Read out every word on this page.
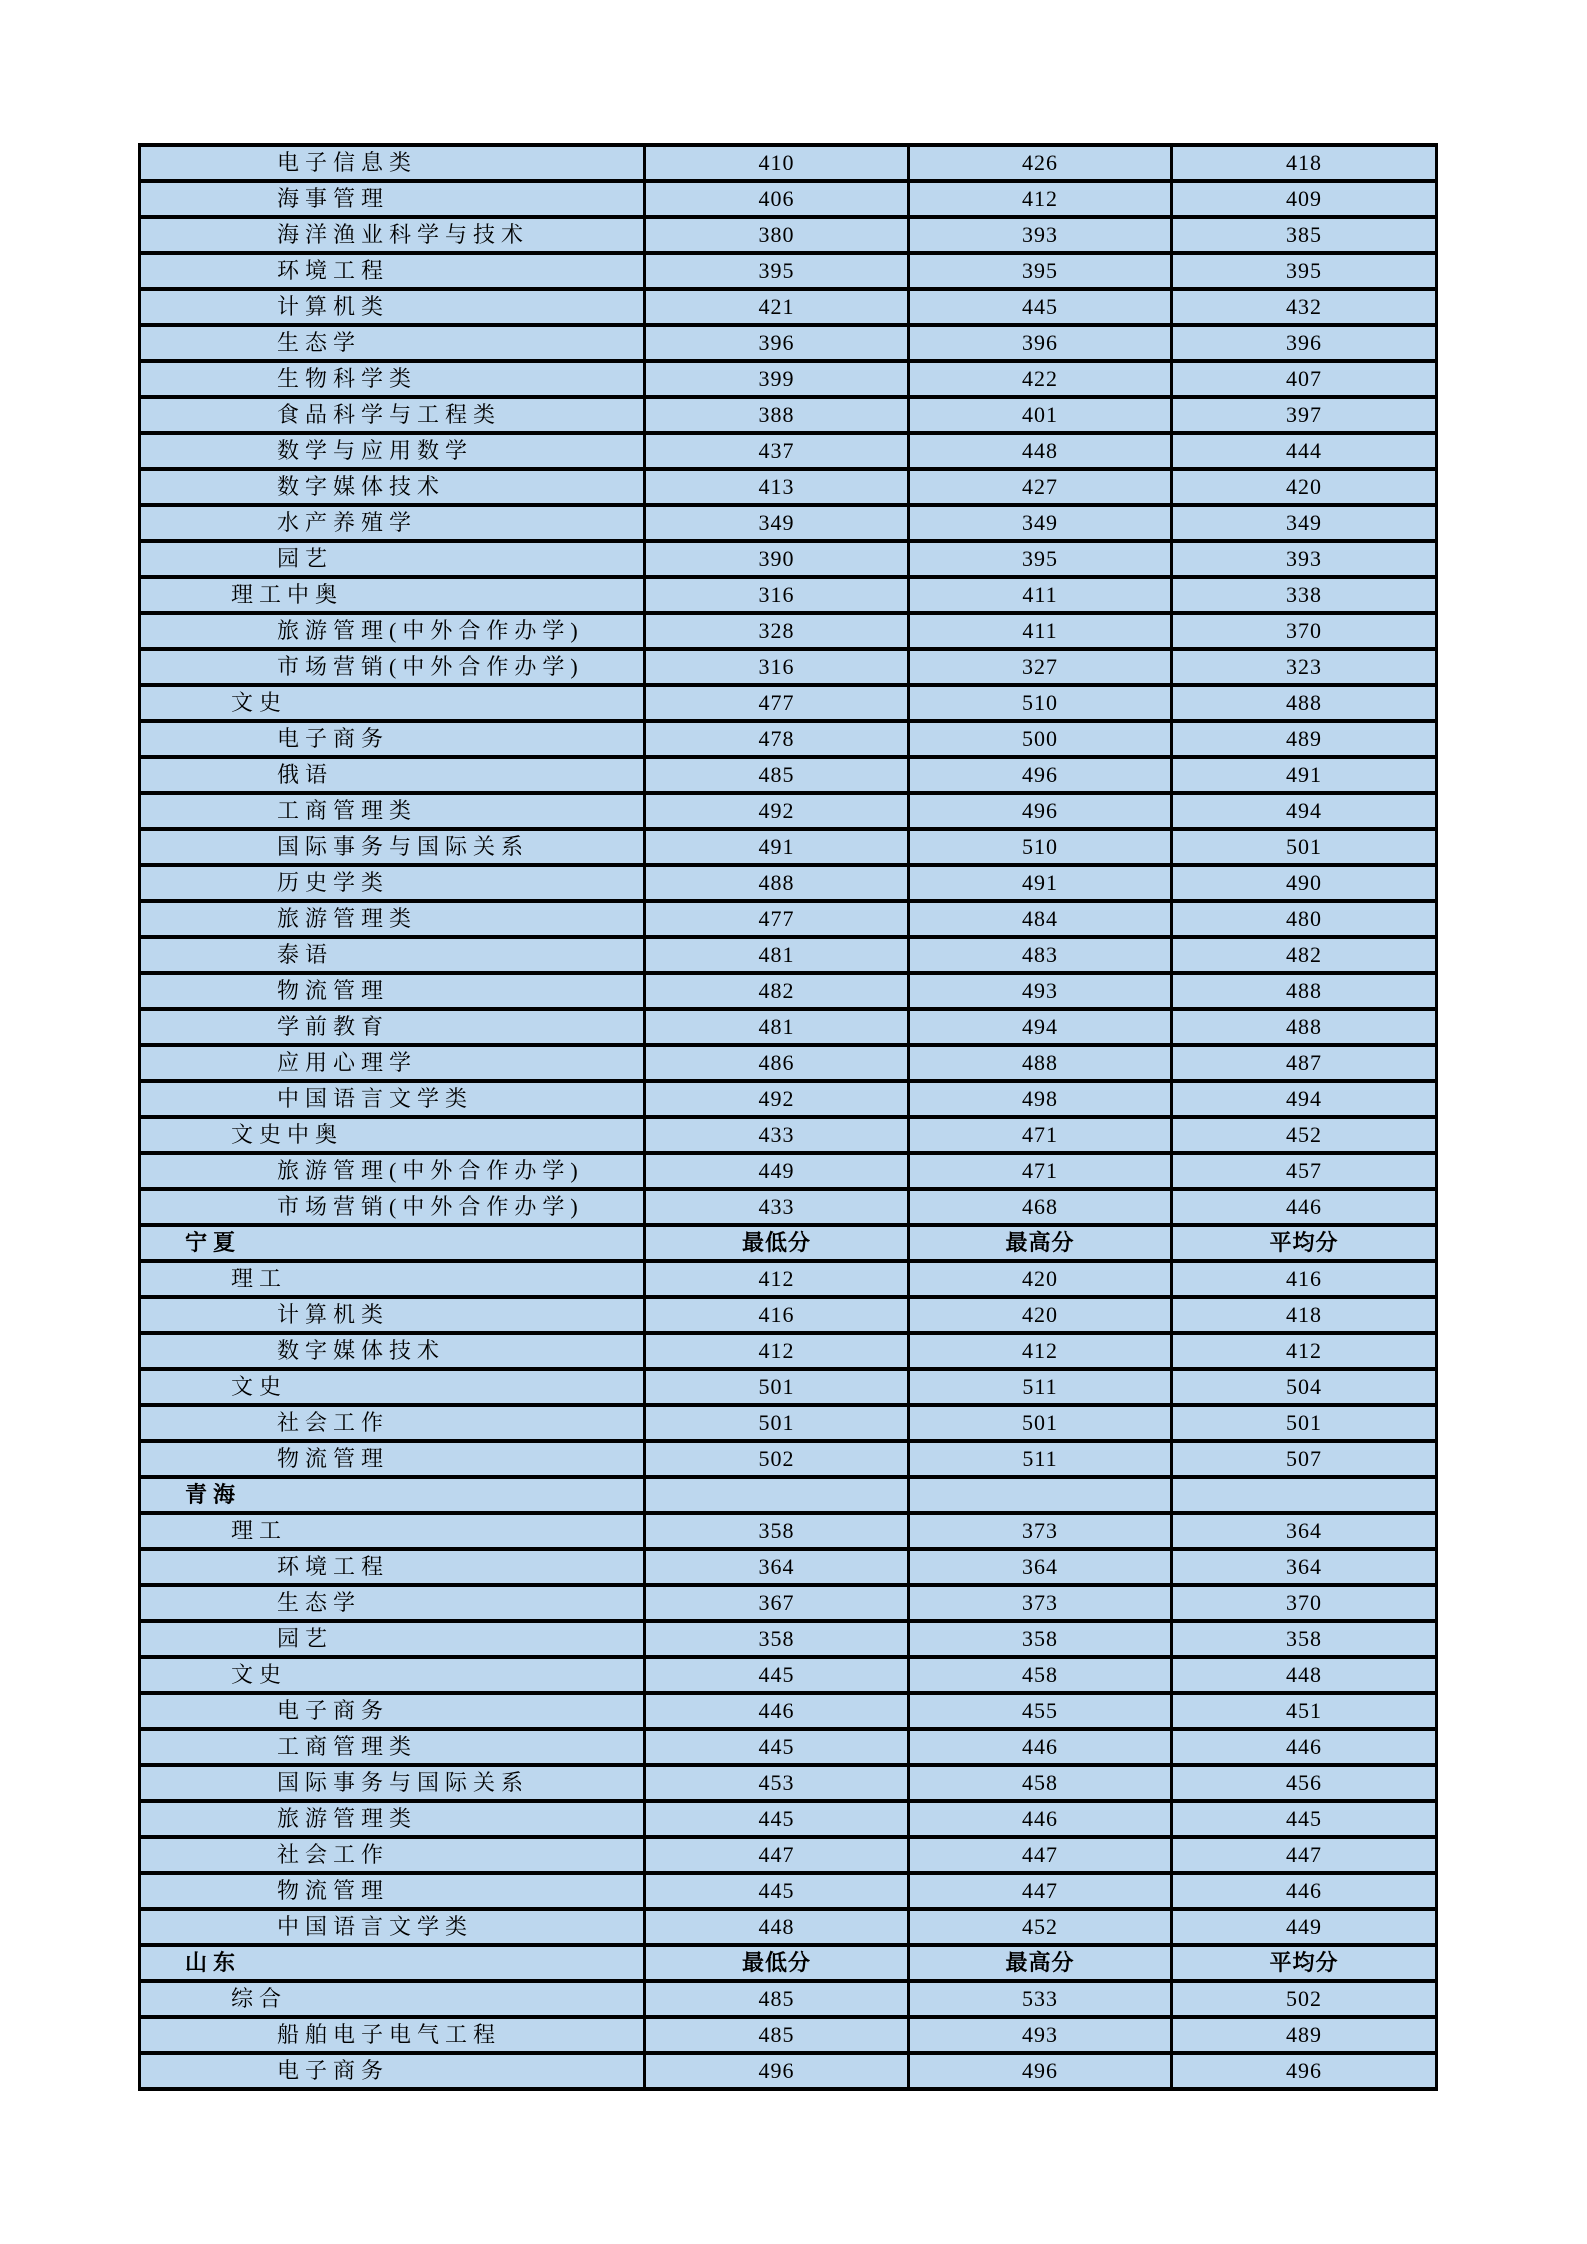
电子信息类	410	426	418
海事管理	406	412	409
海洋渔业科学与技术	380	393	385
环境工程	395	395	395
计算机类	421	445	432
生态学	396	396	396
生物科学类	399	422	407
食品科学与工程类	388	401	397
数学与应用数学	437	448	444
数字媒体技术	413	427	420
水产养殖学	349	349	349
园艺	390	395	393
理工中奥	316	411	338
旅游管理(中外合作办学)	328	411	370
市场营销(中外合作办学)	316	327	323
文史	477	510	488
电子商务	478	500	489
俄语	485	496	491
工商管理类	492	496	494
国际事务与国际关系	491	510	501
历史学类	488	491	490
旅游管理类	477	484	480
泰语	481	483	482
物流管理	482	493	488
学前教育	481	494	488
应用心理学	486	488	487
中国语言文学类	492	498	494
文史中奥	433	471	452
旅游管理(中外合作办学)	449	471	457
市场营销(中外合作办学)	433	468	446
宁夏	最低分	最高分	平均分
理工	412	420	416
计算机类	416	420	418
数字媒体技术	412	412	412
文史	501	511	504
社会工作	501	501	501
物流管理	502	511	507
青海			
理工	358	373	364
环境工程	364	364	364
生态学	367	373	370
园艺	358	358	358
文史	445	458	448
电子商务	446	455	451
工商管理类	445	446	446
国际事务与国际关系	453	458	456
旅游管理类	445	446	445
社会工作	447	447	447
物流管理	445	447	446
中国语言文学类	448	452	449
山东	最低分	最高分	平均分
综合	485	533	502
船舶电子电气工程	485	493	489
电子商务	496	496	496
